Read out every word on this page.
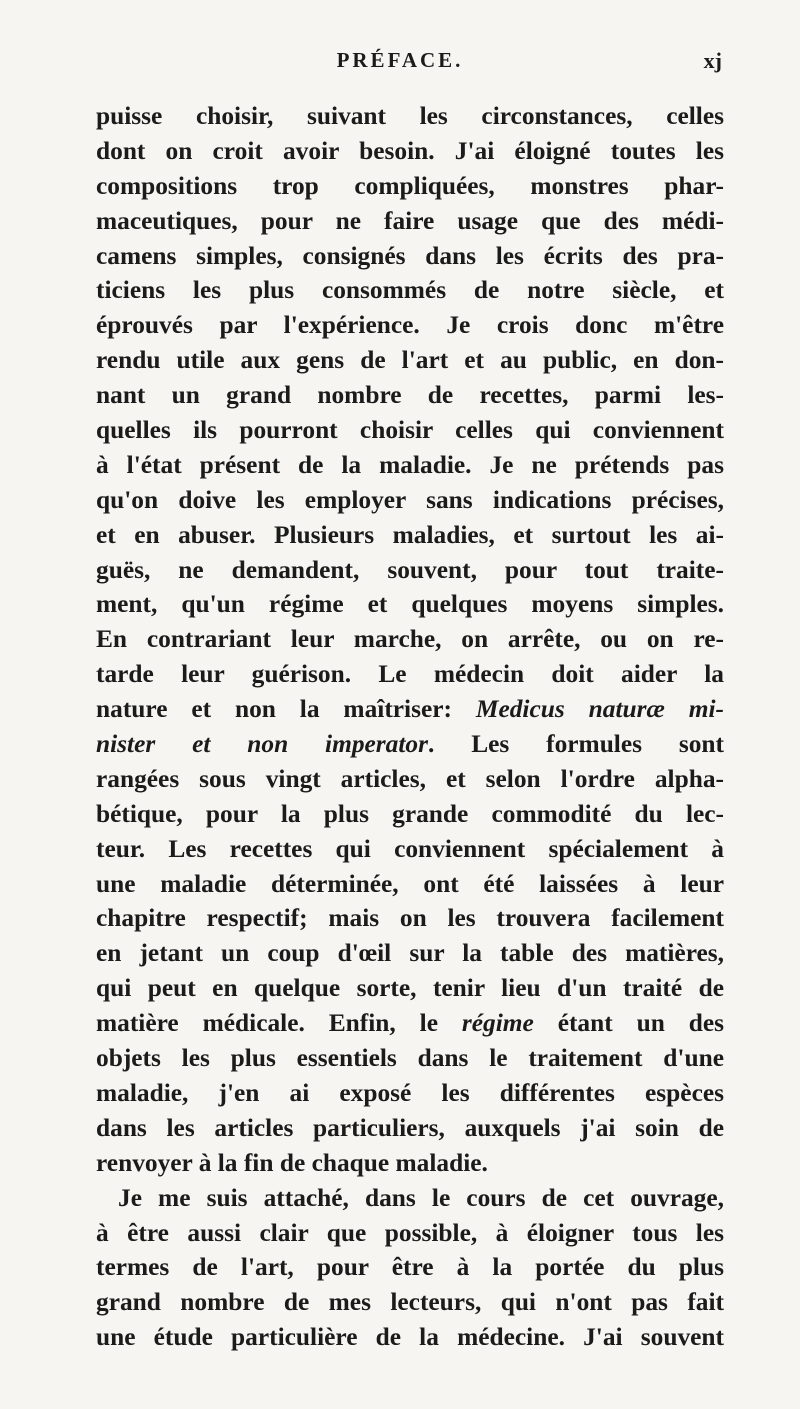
PRÉFACE.	xj
puisse choisir, suivant les circonstances, celles
dont on croit avoir besoin. J'ai éloigné toutes les
compositions trop compliquées, monstres phar-
maceutiques, pour ne faire usage que des médi-
camens simples, consignés dans les écrits des pra-
ticiens les plus consommés de notre siècle, et
éprouvés par l'expérience. Je crois donc m'être
rendu utile aux gens de l'art et au public, en don-
nant un grand nombre de recettes, parmi les-
quelles ils pourront choisir celles qui conviennent
à l'état présent de la maladie. Je ne prétends pas
qu'on doive les employer sans indications précises,
et en abuser. Plusieurs maladies, et surtout les ai-
guës, ne demandent, souvent, pour tout traite-
ment, qu'un régime et quelques moyens simples.
En contrariant leur marche, on arrête, ou on re-
tarde leur guérison. Le médecin doit aider la
nature et non la maîtriser: Medicus naturæ mi-
nister et non imperator. Les formules sont
rangées sous vingt articles, et selon l'ordre alpha-
bétique, pour la plus grande commodité du lec-
teur. Les recettes qui conviennent spécialement à
une maladie déterminée, ont été laissées à leur
chapitre respectif; mais on les trouvera facilement
en jetant un coup d'œil sur la table des matières,
qui peut en quelque sorte, tenir lieu d'un traité de
matière médicale. Enfin, le régime étant un des
objets les plus essentiels dans le traitement d'une
maladie, j'en ai exposé les différentes espèces
dans les articles particuliers, auxquels j'ai soin de
renvoyer à la fin de chaque maladie.
Je me suis attaché, dans le cours de cet ouvrage,
à être aussi clair que possible, à éloigner tous les
termes de l'art, pour être à la portée du plus
grand nombre de mes lecteurs, qui n'ont pas fait
une étude particulière de la médecine. J'ai souvent
